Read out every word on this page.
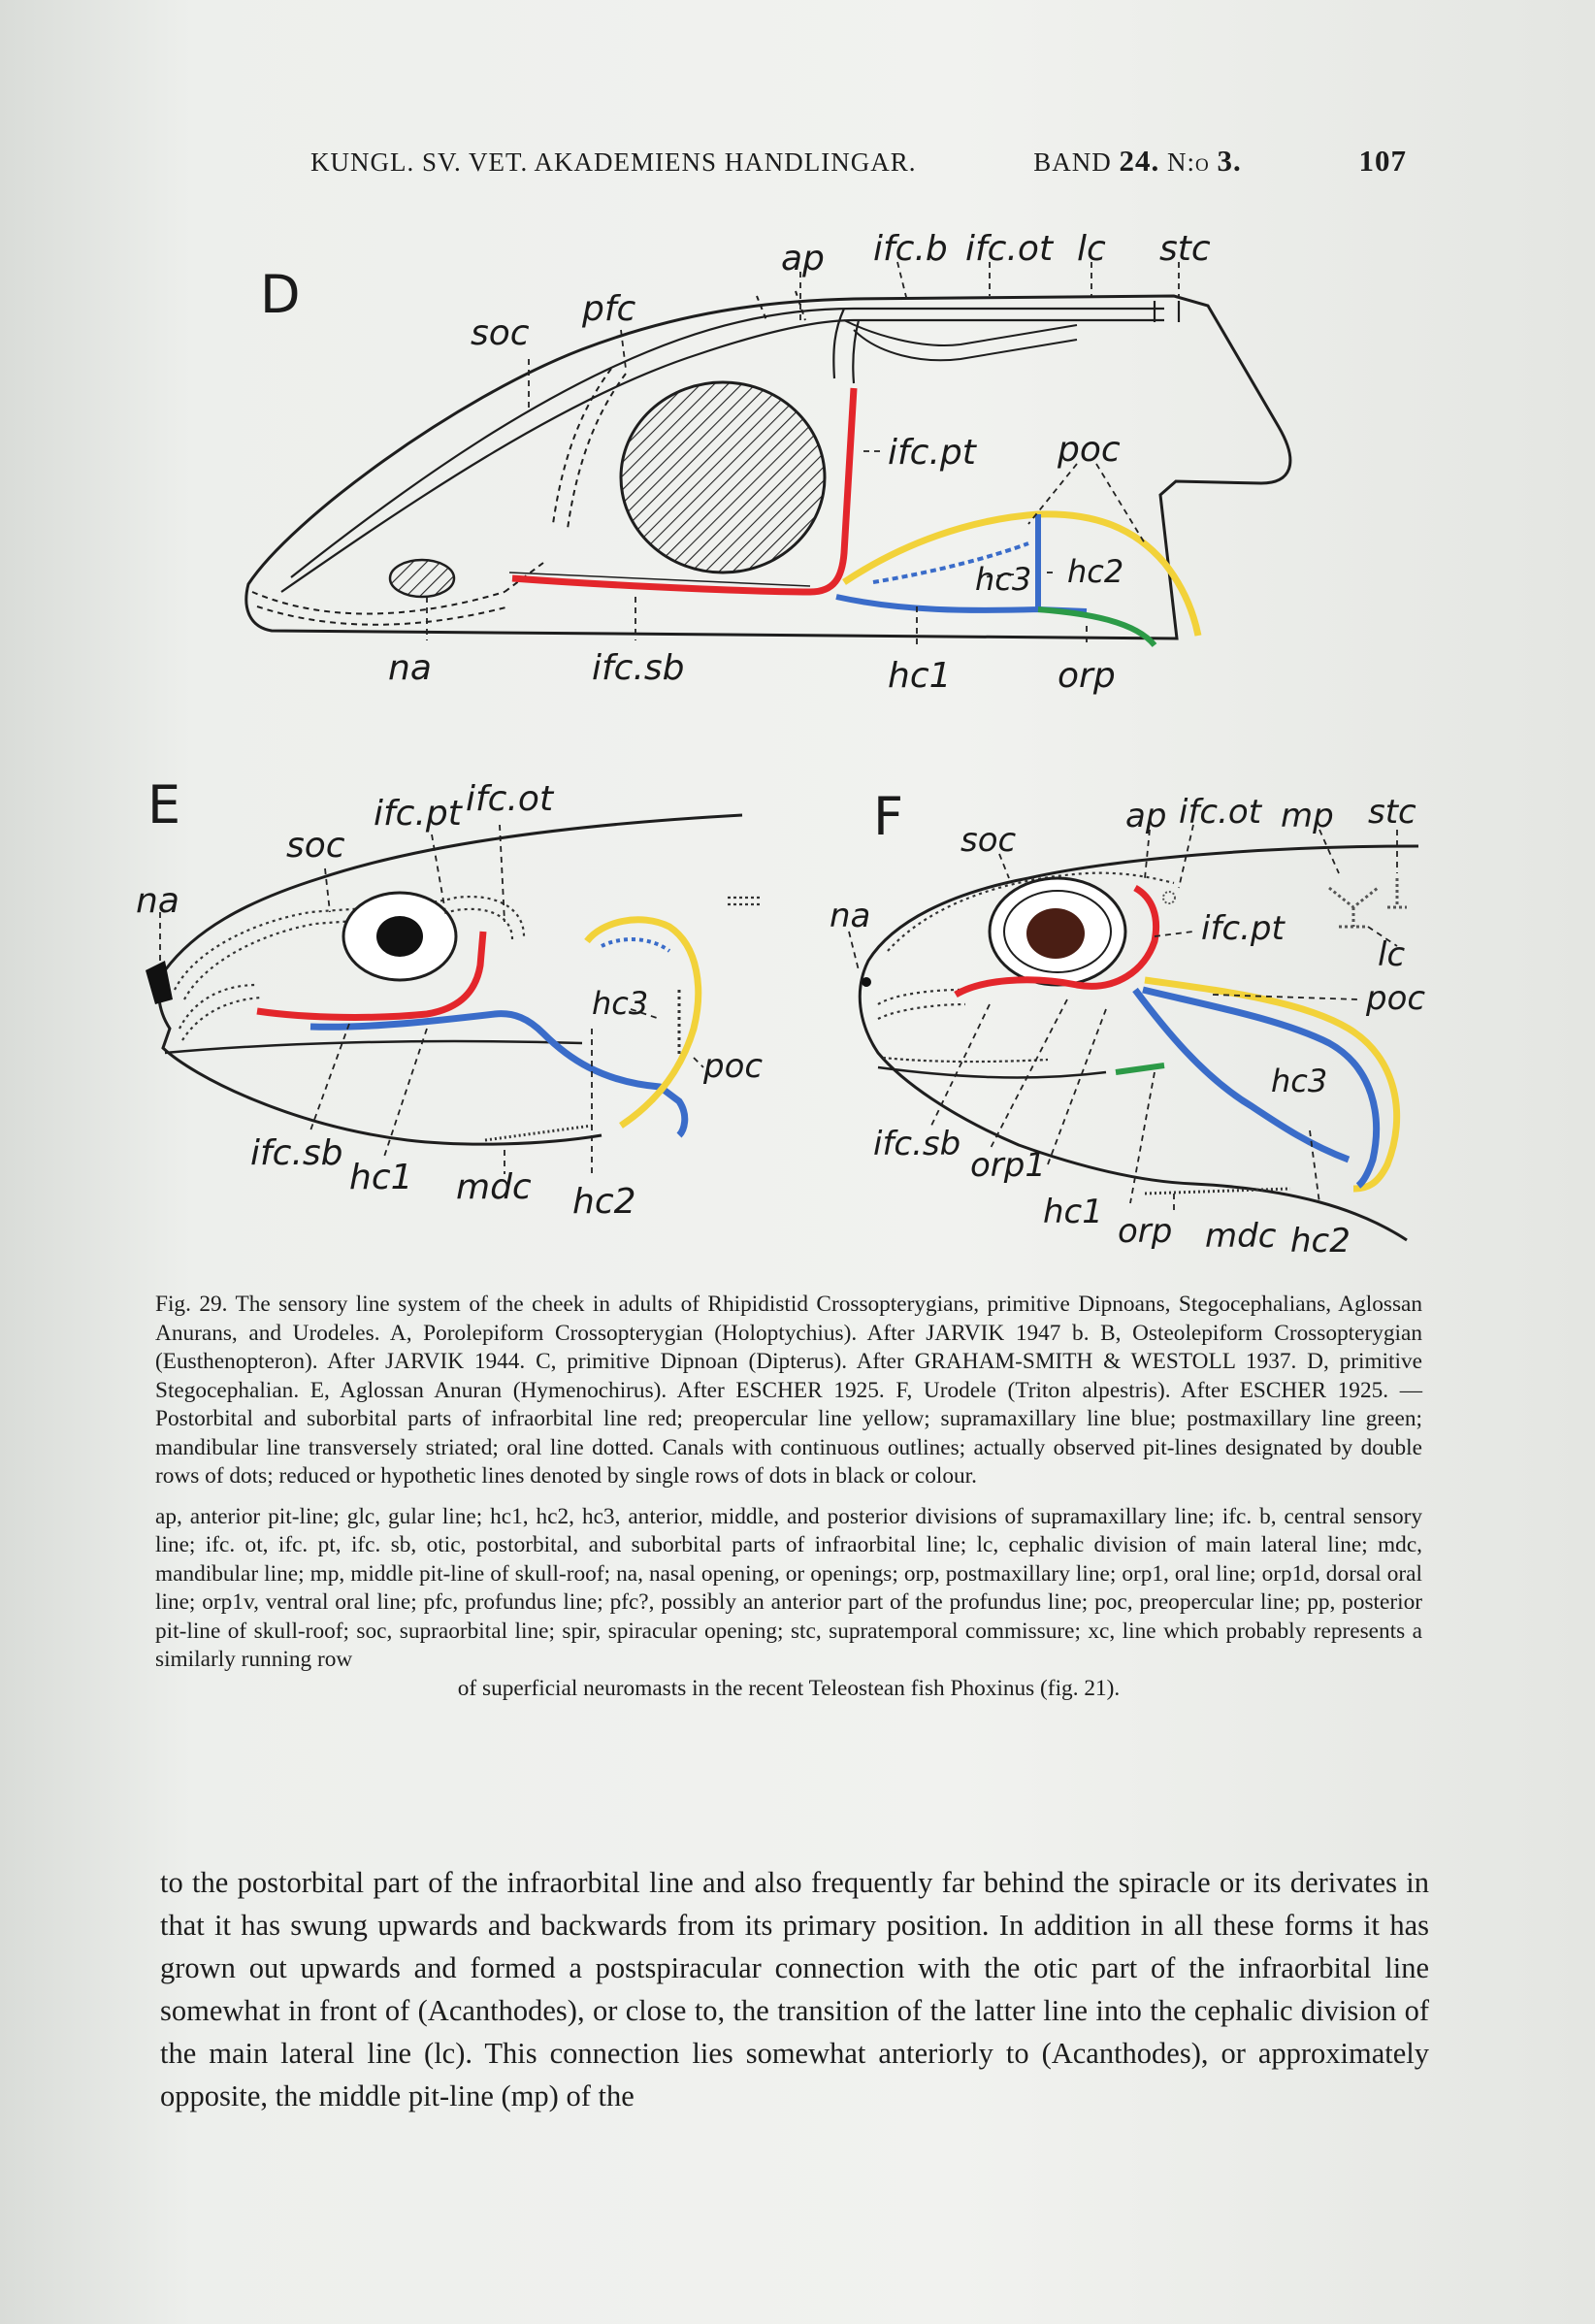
KUNGL. SV. VET. AKADEMIENS HANDLINGAR.	BAND 24. N:o 3.	107
D
ap ifc.b ifc.ot lc stc
soc
pfc
ifc.pt poc
hc3 hc2
na	ifc.sb	hc1	orp
E	ifc.pt ifc.ot
soc
na
hc3
poc
ifc.sb
hc1 mdc hc2
F	ap ifc.ot mp stc
soc
na	ifc.pt
lc
poc
hc3
ifc.sb
orp1
hc1 orp mdc hc2

Fig. 29. The sensory line system of the cheek in adults of Rhipidistid Crossopterygians, primitive Dipnoans, Stegocephalians, Aglossan Anurans, and Urodeles. A, Porolepiform Crossopterygian (Holoptychius). After JARVIK 1947 b. B, Osteolepiform Crossopterygian (Eusthenopteron). After JARVIK 1944. C, primitive Dipnoan (Dipterus). After GRAHAM-SMITH & WESTOLL 1937. D, primitive Stegocephalian. E, Aglossan Anuran (Hymenochirus). After ESCHER 1925. F, Urodele (Triton alpestris). After ESCHER 1925. — Postorbital and suborbital parts of infraorbital line red; preopercular line yellow; supramaxillary line blue; postmaxillary line green; mandibular line transversely striated; oral line dotted. Canals with continuous outlines; actually observed pit-lines designated by double rows of dots; reduced or hypothetic lines denoted by single rows of dots in black or colour.

ap, anterior pit-line; glc, gular line; hc1, hc2, hc3, anterior, middle, and posterior divisions of supramaxillary line; ifc. b, central sensory line; ifc. ot, ifc. pt, ifc. sb, otic, postorbital, and suborbital parts of infraorbital line; lc, cephalic division of main lateral line; mdc, mandibular line; mp, middle pit-line of skull-roof; na, nasal opening, or openings; orp, postmaxillary line; orp1, oral line; orp1d, dorsal oral line; orp1v, ventral oral line; pfc, profundus line; pfc?, possibly an anterior part of the profundus line; poc, preopercular line; pp, posterior pit-line of skull-roof; soc, supraorbital line; spir, spiracular opening; stc, supratemporal commissure; xc, line which probably represents a similarly running row

of superficial neuromasts in the recent Teleostean fish Phoxinus (fig. 21).

to the postorbital part of the infraorbital line and also frequently far behind the spiracle or its derivates in that it has swung upwards and backwards from its primary position. In addition in all these forms it has grown out upwards and formed a postspiracular connection with the otic part of the infraorbital line somewhat in front of (Acanthodes), or close to, the transition of the latter line into the cephalic division of the main lateral line (lc). This connection lies somewhat anteriorly to (Acanthodes), or approximately opposite, the middle pit-line (mp) of the
